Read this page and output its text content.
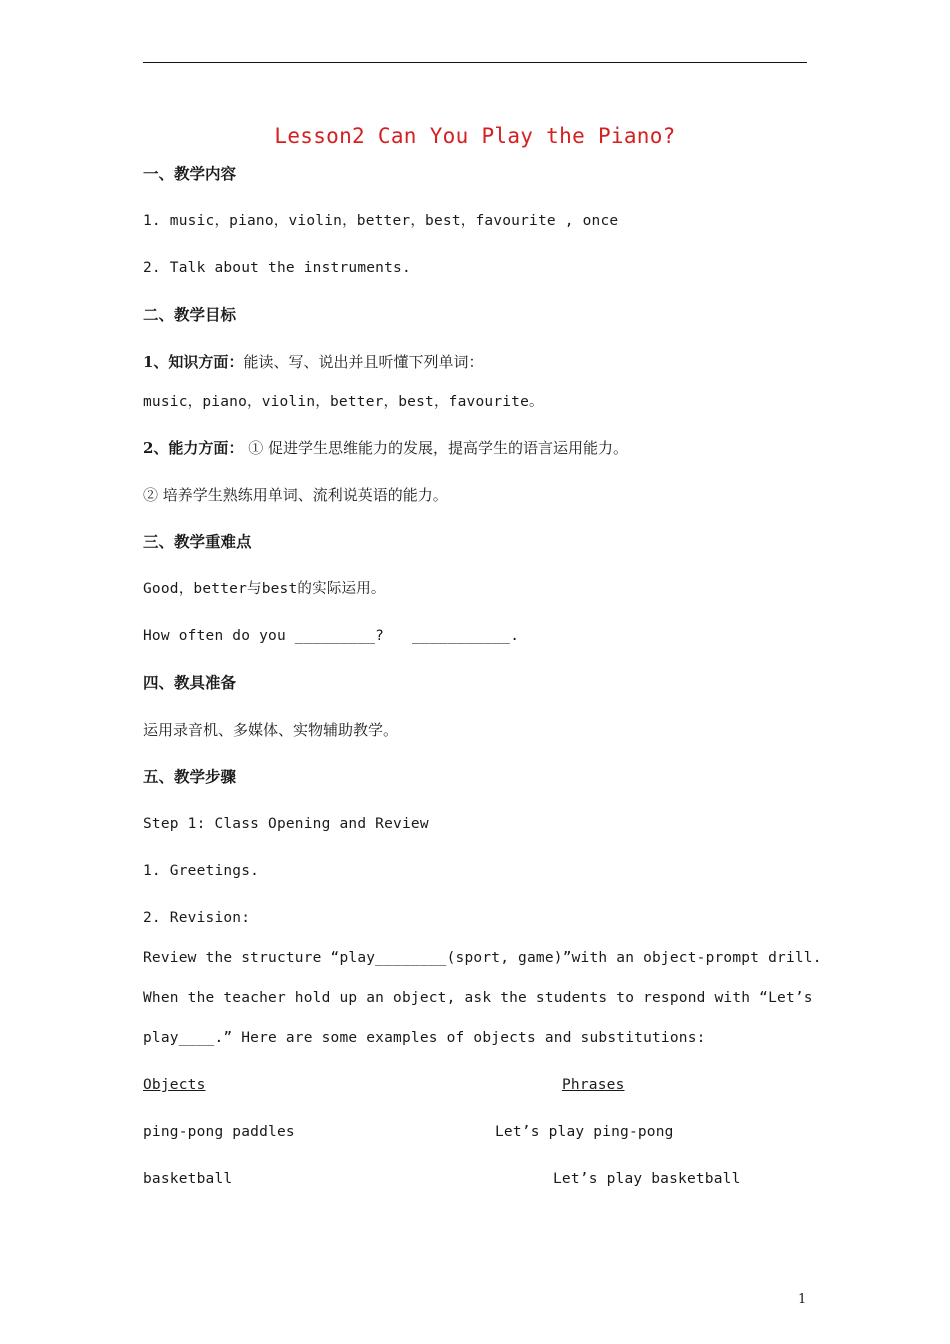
Lesson2 Can You Play the Piano?
一、教学内容
1. music，piano，violin，better，best，favourite , once
2. Talk about the instruments.
二、教学目标
1、知识方面：能读、写、说出并且听懂下列单词：
music，piano，violin，better，best，favourite。
2、能力方面： ① 促进学生思维能力的发展，提高学生的语言运用能力。
② 培养学生熟练用单词、流利说英语的能力。
三、教学重难点
Good，better与best的实际运用。
How often do you _________? ___________.
四、教具准备
运用录音机、多媒体、实物辅助教学。
五、教学步骤
Step 1: Class Opening and Review
1. Greetings.
2. Revision:
Review the structure “play________(sport, game)”with an object-prompt drill.
When the teacher hold up an object, ask the students to respond with “Let’s
play____.” Here are some examples of objects and substitutions:
Objects	Phrases
ping-pong paddles	Let’s play ping-pong
basketball	Let’s play basketball
1
